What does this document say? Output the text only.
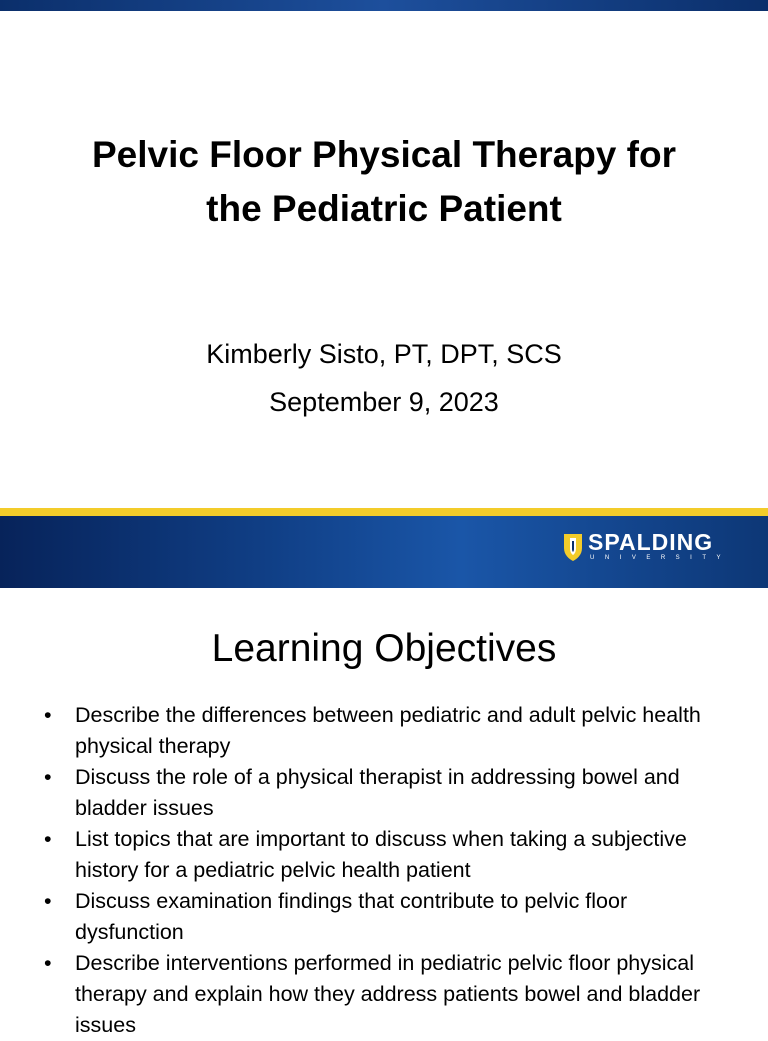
Pelvic Floor Physical Therapy for
the Pediatric Patient
Kimberly Sisto, PT, DPT, SCS
September 9, 2023
SPALDING
UNIVERSITY
Learning Objectives
• Describe the differences between pediatric and adult pelvic health physical therapy
• Discuss the role of a physical therapist in addressing bowel and bladder issues
• List topics that are important to discuss when taking a subjective history for a pediatric pelvic health patient
• Discuss examination findings that contribute to pelvic floor dysfunction
• Describe interventions performed in pediatric pelvic floor physical therapy and explain how they address patients bowel and bladder issues
